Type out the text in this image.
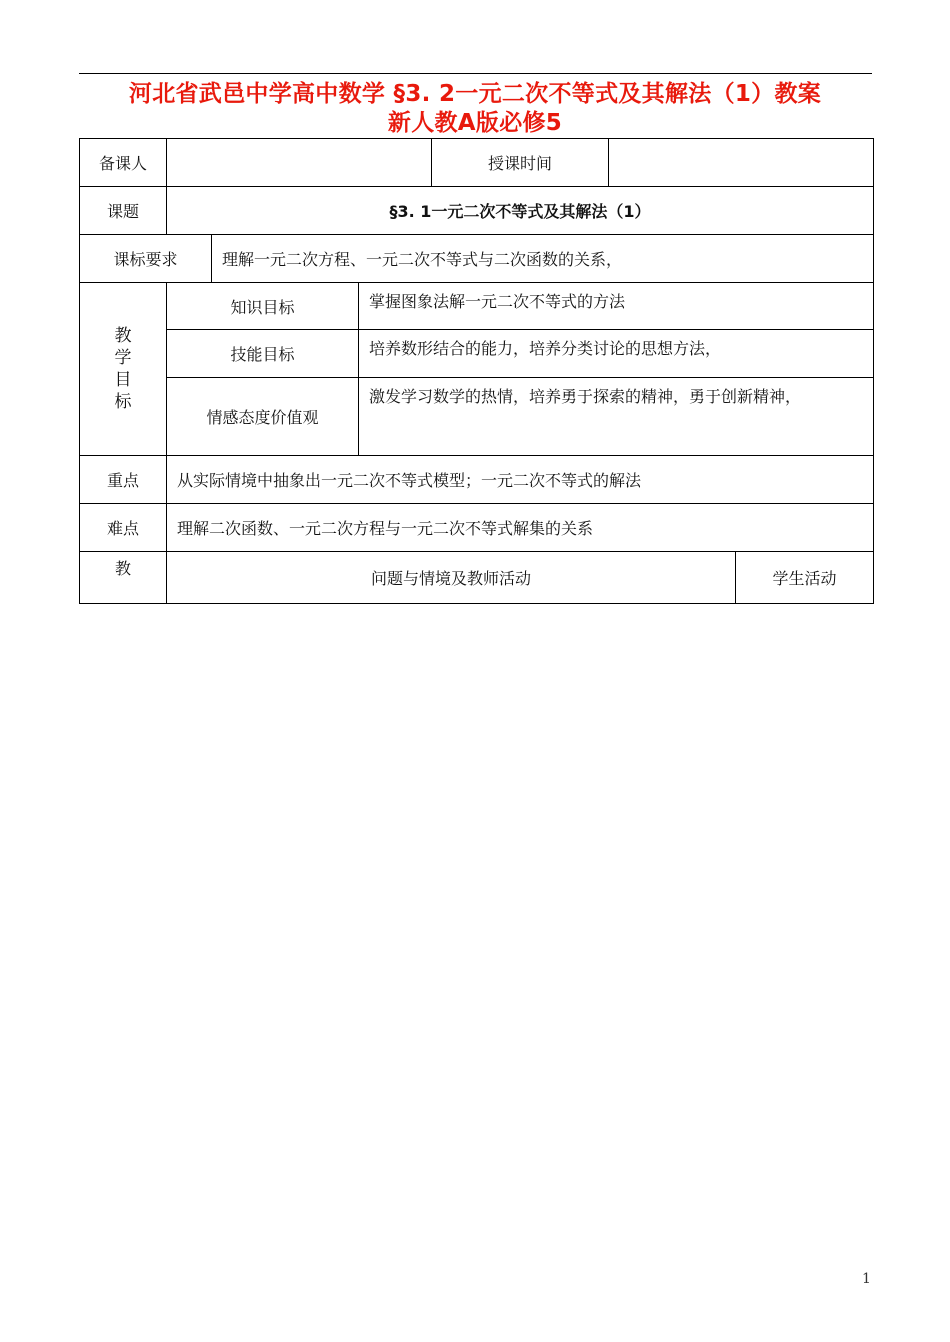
河北省武邑中学高中数学 §3. 2一元二次不等式及其解法（1）教案
新人教A版必修5
备课人				授课时间		
课题	§3. 1一元二次不等式及其解法（1）					
课标要求		理解一元二次方程、一元二次不等式与二次函数的关系，				

教
学
目
标	知识目标		掌握图象法解一元二次不等式的方法			
	技能目标		培养数形结合的能力，培养分类讨论的思想方法，			
	情感态度价值观		激发学习数学的热情，培养勇于探索的精神，勇于创新精神，			
重点	从实际情境中抽象出一元二次不等式模型；一元二次不等式的解法					
难点	理解二次函数、一元二次方程与一元二次不等式解集的关系					
教	问题与情境及教师活动					学生活动
1
